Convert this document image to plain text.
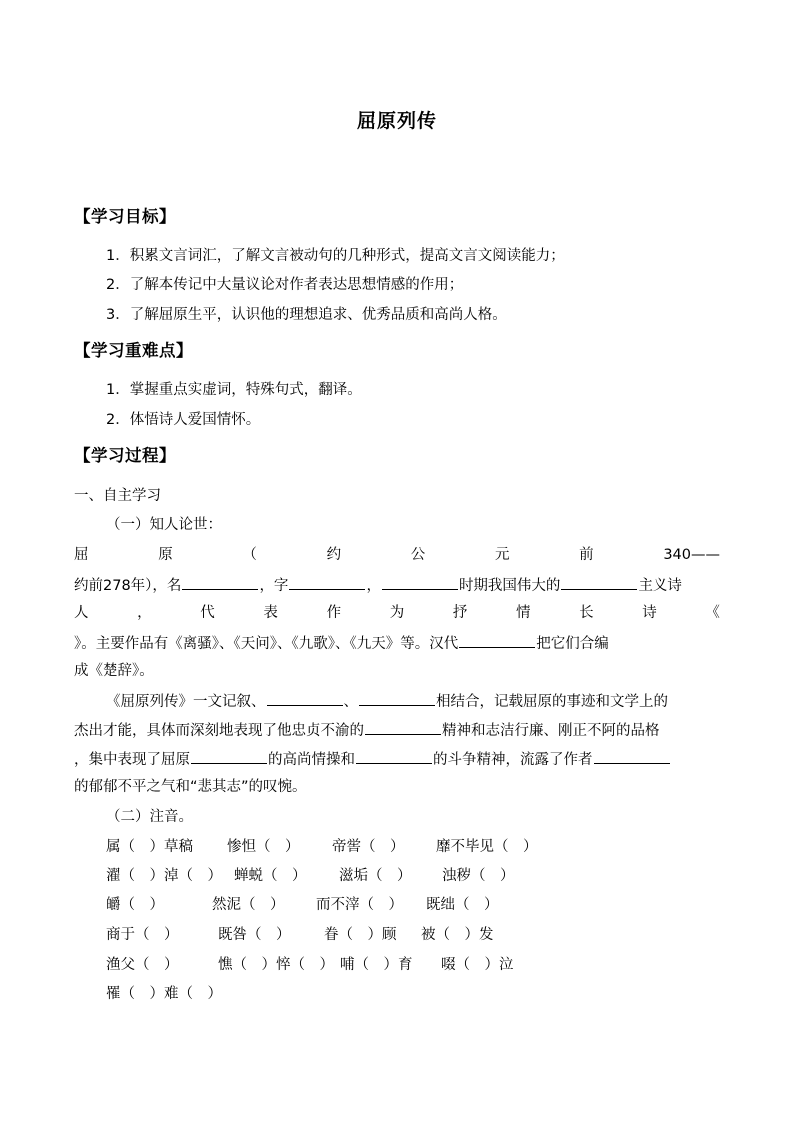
屈原列传
【学习目标】
1．积累文言词汇，了解文言被动句的几种形式，提高文言文阅读能力；
2．了解本传记中大量议论对作者表达思想情感的作用；
3．了解屈原生平，认识他的理想追求、优秀品质和高尚人格。
【学习重难点】
1．掌握重点实虚词，特殊句式，翻译。
2．体悟诗人爱国情怀。
【学习过程】
一、自主学习
（一）知人论世：
屈	原	（	约	公	元	前	340——
约前278年），名	，字	，	时期我国伟大的	主义诗
人	，	代	表	作	为	抒	情	长	诗	《
》。主要作品有《离骚》、《天问》、《九歌》、《九天》等。汉代	把它们合编
成《楚辞》。
《屈原列传》一文记叙、	、	相结合，记载屈原的事迹和文学上的
杰出才能，具体而深刻地表现了他忠贞不渝的	精神和志洁行廉、刚正不阿的品格
，集中表现了屈原	的高尚情操和	的斗争精神，流露了作者
的郁郁不平之气和“悲其志”的叹惋。
（二）注音。
属（　）草稿	惨怛（　）	帝喾（　）	靡不毕见（　）
濯（　）淖（　） 蝉蜕（　）	滋垢（　）	浊秽（　）
皭（　）	然泥（　）	而不滓（　）	既绌（　）
商于（　）	既咎（　）	眷（　）顾	被（　）发
渔父（　）	憔（　）悴（　） 哺（　）育	啜（　）泣
罹（　）难（　）
